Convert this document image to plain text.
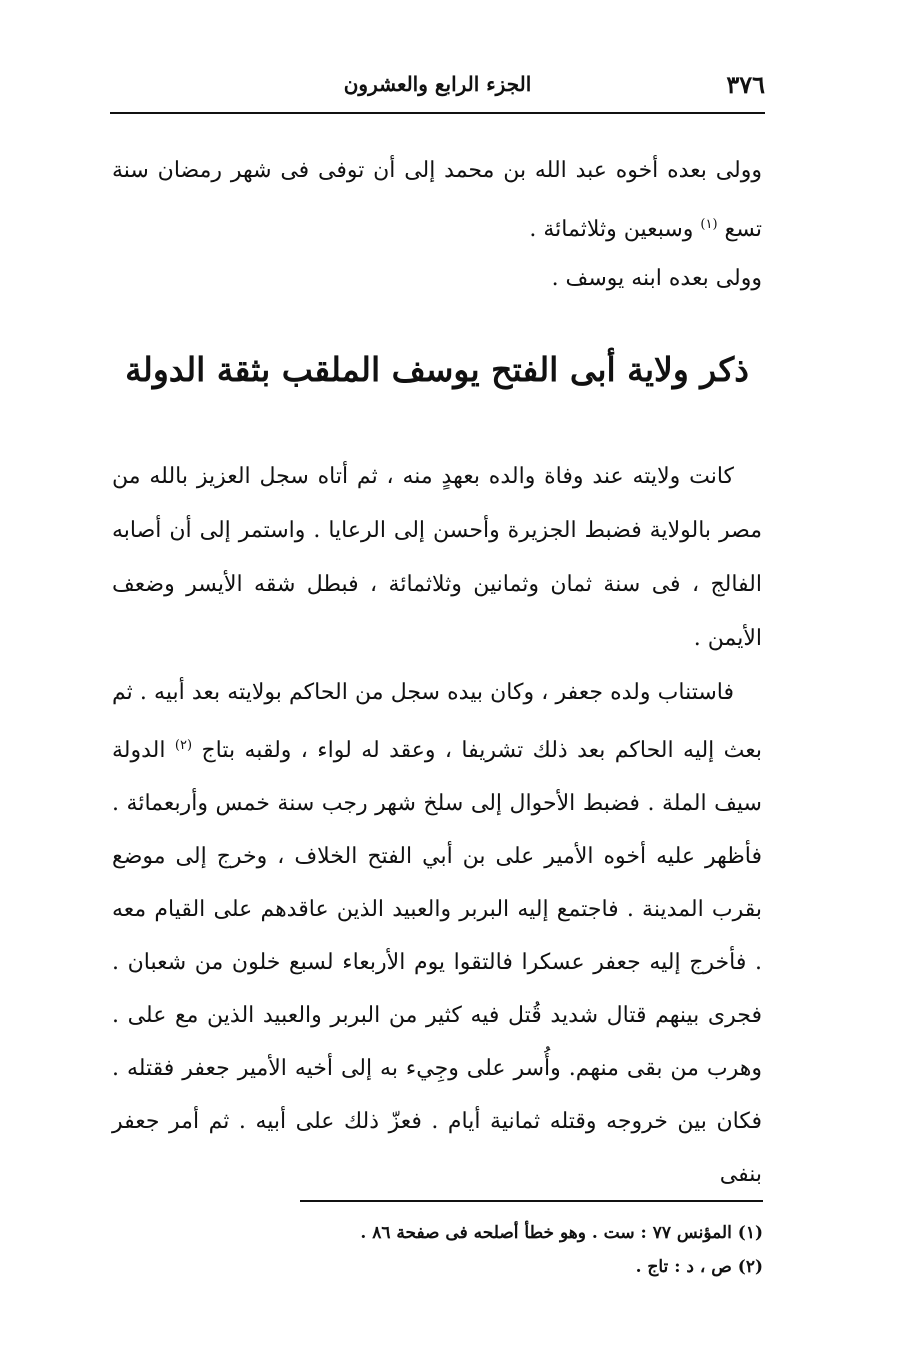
٣٧٦
الجزء الرابع والعشرون

وولى بعده أخوه عبد الله بن محمد إلى أن توفى فى شهر رمضان سنة تسع $^{(١)}$ وسبعين وثلاثمائة .

وولى بعده ابنه يوسف .

ذكر ولاية أبى الفتح يوسف الملقب بثقة الدولة

كانت ولايته عند وفاة والده بعهدٍ منه ، ثم أتاه سجل العزيز بالله من مصر بالولاية فضبط الجزيرة وأحسن إلى الرعايا . واستمر إلى أن أصابه الفالج ، فى سنة ثمان وثمانين وثلاثمائة ، فبطل شقه الأيسر وضعف الأيمن .

فاستناب ولده جعفر ، وكان بيده سجل من الحاكم بولايته بعد أبيه . ثم بعث إليه الحاكم بعد ذلك تشريفا ، وعقد له لواء ، ولقبه بتاج $^{(٢)}$ الدولة سيف الملة . فضبط الأحوال إلى سلخ شهر رجب سنة خمس وأربعمائة . فأظهر عليه أخوه الأمير على بن أبي الفتح الخلاف ، وخرج إلى موضع بقرب المدينة . فاجتمع إليه البربر والعبيد الذين عاقدهم على القيام معه . فأخرج إليه جعفر عسكرا فالتقوا يوم الأربعاء لسبع خلون من شعبان . فجرى بينهم قتال شديد قُتل فيه كثير من البربر والعبيد الذين مع على . وهرب من بقى منهم. وأُسر على وجِيء به إلى أخيه الأمير جعفر فقتله . فكان بين خروجه وقتله ثمانية أيام . فعزّ ذلك على أبيه . ثم أمر جعفر بنفى

(١) المؤنس ٧٧ : ست . وهو خطأ أصلحه فى صفحة ٨٦ .
(٢) ص ، د : تاج .
